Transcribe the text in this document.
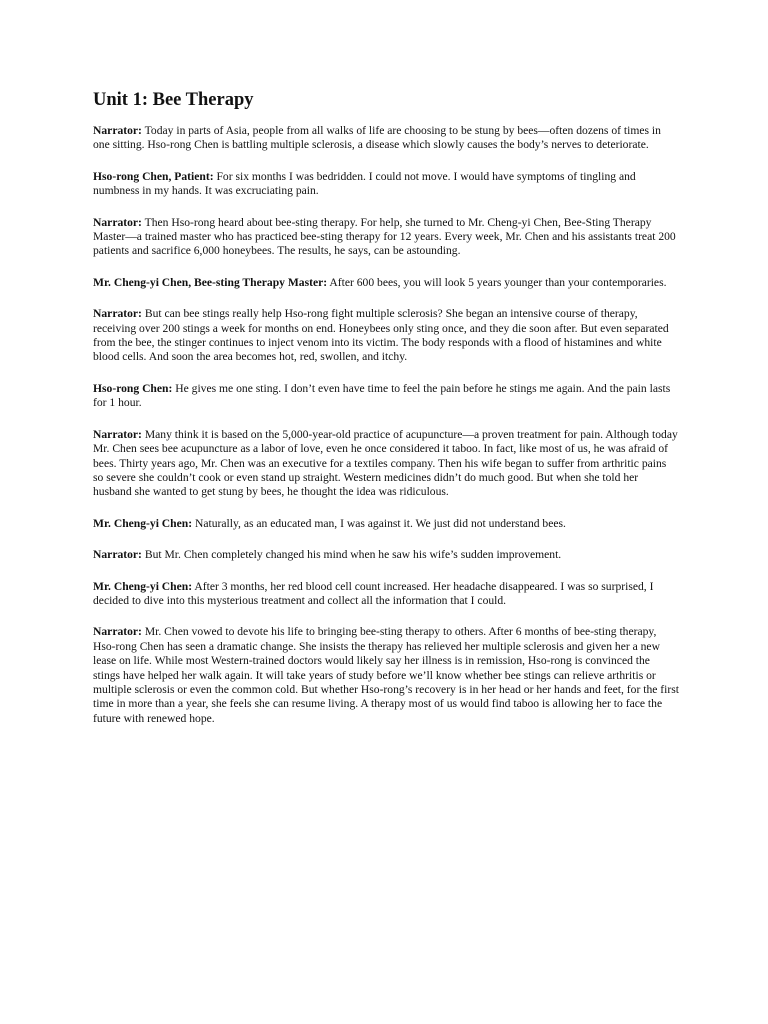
Unit 1: Bee Therapy

Narrator: Today in parts of Asia, people from all walks of life are choosing to be stung by bees—often dozens of times in one sitting. Hso-rong Chen is battling multiple sclerosis, a disease which slowly causes the body’s nerves to deteriorate.

Hso-rong Chen, Patient: For six months I was bedridden. I could not move. I would have symptoms of tingling and numbness in my hands. It was excruciating pain.

Narrator: Then Hso-rong heard about bee-sting therapy. For help, she turned to Mr. Cheng-yi Chen, Bee-Sting Therapy Master—a trained master who has practiced bee-sting therapy for 12 years. Every week, Mr. Chen and his assistants treat 200 patients and sacrifice 6,000 honeybees. The results, he says, can be astounding.

Mr. Cheng-yi Chen, Bee-sting Therapy Master: After 600 bees, you will look 5 years younger than your contemporaries.

Narrator: But can bee stings really help Hso-rong fight multiple sclerosis? She began an intensive course of therapy, receiving over 200 stings a week for months on end. Honeybees only sting once, and they die soon after. But even separated from the bee, the stinger continues to inject venom into its victim. The body responds with a flood of histamines and white blood cells. And soon the area becomes hot, red, swollen, and itchy.

Hso-rong Chen: He gives me one sting. I don’t even have time to feel the pain before he stings me again. And the pain lasts for 1 hour.

Narrator: Many think it is based on the 5,000-year-old practice of acupuncture—a proven treatment for pain. Although today Mr. Chen sees bee acupuncture as a labor of love, even he once considered it taboo. In fact, like most of us, he was afraid of bees. Thirty years ago, Mr. Chen was an executive for a textiles company. Then his wife began to suffer from arthritic pains so severe she couldn’t cook or even stand up straight. Western medicines didn’t do much good. But when she told her husband she wanted to get stung by bees, he thought the idea was ridiculous.

Mr. Cheng-yi Chen: Naturally, as an educated man, I was against it. We just did not understand bees.

Narrator: But Mr. Chen completely changed his mind when he saw his wife’s sudden improvement.

Mr. Cheng-yi Chen: After 3 months, her red blood cell count increased. Her headache disappeared. I was so surprised, I decided to dive into this mysterious treatment and collect all the information that I could.

Narrator: Mr. Chen vowed to devote his life to bringing bee-sting therapy to others. After 6 months of bee-sting therapy, Hso-rong Chen has seen a dramatic change. She insists the therapy has relieved her multiple sclerosis and given her a new lease on life. While most Western-trained doctors would likely say her illness is in remission, Hso-rong is convinced the stings have helped her walk again. It will take years of study before we’ll know whether bee stings can relieve arthritis or multiple sclerosis or even the common cold. But whether Hso-rong’s recovery is in her head or her hands and feet, for the first time in more than a year, she feels she can resume living. A therapy most of us would find taboo is allowing her to face the future with renewed hope.
